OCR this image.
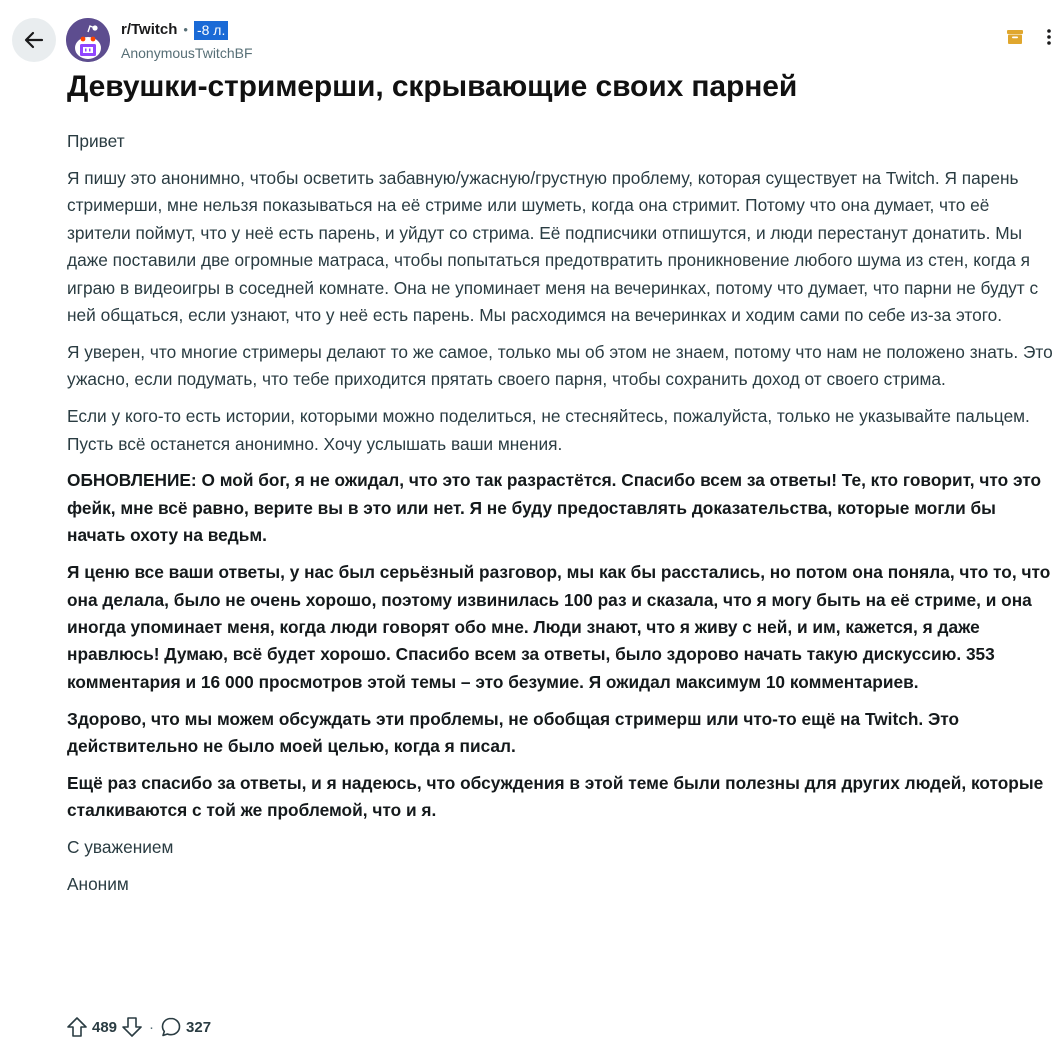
r/Twitch • -8 л.
AnonymousTwitchBF
Девушки-стримерши, скрывающие своих парней

Привет

Я пишу это анонимно, чтобы осветить забавную/ужасную/грустную проблему, которая существует на Twitch. Я парень стримерши, мне нельзя показываться на её стриме или шуметь, когда она стримит. Потому что она думает, что её зрители поймут, что у неё есть парень, и уйдут со стрима. Её подписчики отпишутся, и люди перестанут донатить. Мы даже поставили две огромные матраса, чтобы попытаться предотвратить проникновение любого шума из стен, когда я играю в видеоигры в соседней комнате. Она не упоминает меня на вечеринках, потому что думает, что парни не будут с ней общаться, если узнают, что у неё есть парень. Мы расходимся на вечеринках и ходим сами по себе из-за этого.

Я уверен, что многие стримеры делают то же самое, только мы об этом не знаем, потому что нам не положено знать. Это ужасно, если подумать, что тебе приходится прятать своего парня, чтобы сохранить доход от своего стрима.

Если у кого-то есть истории, которыми можно поделиться, не стесняйтесь, пожалуйста, только не указывайте пальцем. Пусть всё останется анонимно. Хочу услышать ваши мнения.

ОБНОВЛЕНИЕ: О мой бог, я не ожидал, что это так разрастётся. Спасибо всем за ответы! Те, кто говорит, что это фейк, мне всё равно, верите вы в это или нет. Я не буду предоставлять доказательства, которые могли бы начать охоту на ведьм.

Я ценю все ваши ответы, у нас был серьёзный разговор, мы как бы расстались, но потом она поняла, что то, что она делала, было не очень хорошо, поэтому извинилась 100 раз и сказала, что я могу быть на её стриме, и она иногда упоминает меня, когда люди говорят обо мне. Люди знают, что я живу с ней, и им, кажется, я даже нравлюсь! Думаю, всё будет хорошо. Спасибо всем за ответы, было здорово начать такую дискуссию. 353 комментария и 16 000 просмотров этой темы – это безумие. Я ожидал максимум 10 комментариев.

Здорово, что мы можем обсуждать эти проблемы, не обобщая стримерш или что-то ещё на Twitch. Это действительно не было моей целью, когда я писал.

Ещё раз спасибо за ответы, и я надеюсь, что обсуждения в этой теме были полезны для других людей, которые сталкиваются с той же проблемой, что и я.

С уважением

Аноним

489 · 327
